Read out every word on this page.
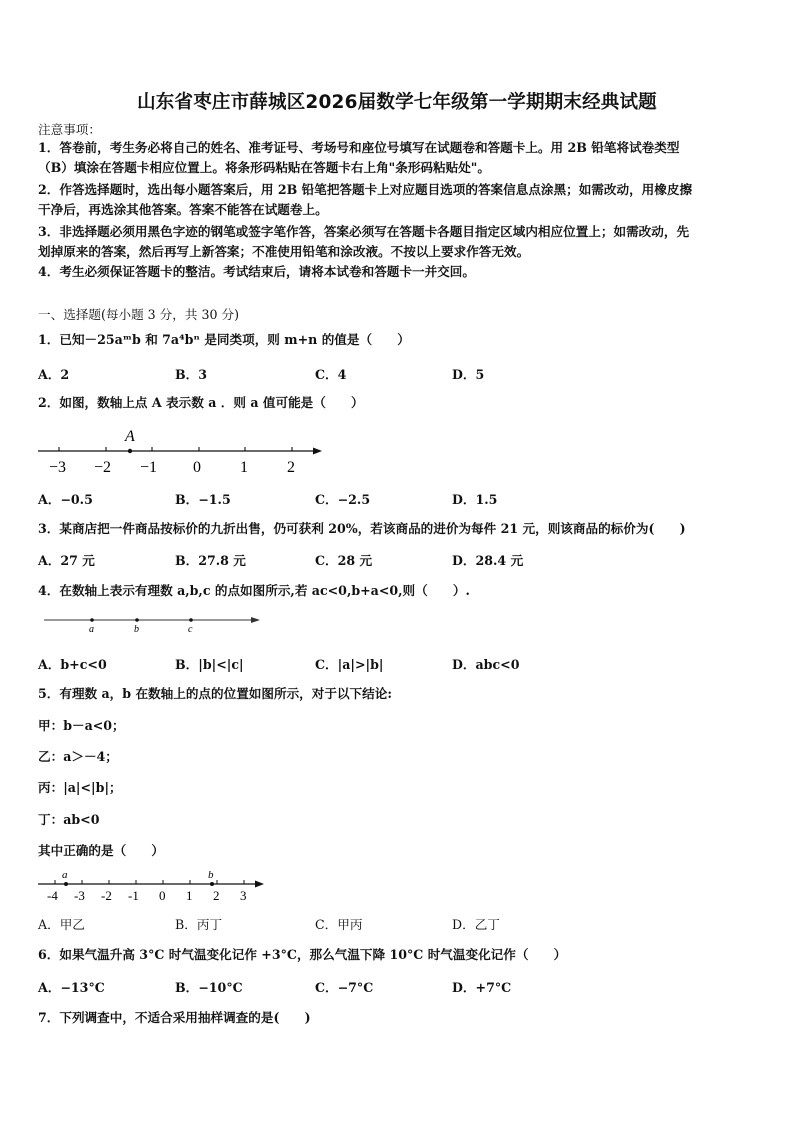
山东省枣庄市薛城区2026届数学七年级第一学期期末经典试题
注意事项：
1．答卷前，考生务必将自己的姓名、准考证号、考场号和座位号填写在试题卷和答题卡上。用 2B 铅笔将试卷类型
（B）填涂在答题卡相应位置上。将条形码粘贴在答题卡右上角"条形码粘贴处"。
2．作答选择题时，选出每小题答案后，用 2B 铅笔把答题卡上对应题目选项的答案信息点涂黑；如需改动，用橡皮擦
干净后，再选涂其他答案。答案不能答在试题卷上。
3．非选择题必须用黑色字迹的钢笔或签字笔作答，答案必须写在答题卡各题目指定区域内相应位置上；如需改动，先
划掉原来的答案，然后再写上新答案；不准使用铅笔和涂改液。不按以上要求作答无效。
4．考生必须保证答题卡的整洁。考试结束后，请将本试卷和答题卡一并交回。
一、选择题(每小题 3 分，共 30 分)
1．已知－25aᵐb 和 7a⁴bⁿ 是同类项，则 m+n 的值是（　　）
A．2	B．3	C．4	D．5
2．如图，数轴上点 A 表示数 a ．则 a 值可能是（　　）
A
−3 −2 −1 0 1 2
A．−0.5	B．−1.5	C．−2.5	D．1.5
3．某商店把一件商品按标价的九折出售，仍可获利 20%，若该商品的进价为每件 21 元，则该商品的标价为(　　)
A．27 元	B．27.8 元	C．28 元	D．28.4 元
4．在数轴上表示有理数 a,b,c 的点如图所示,若 ac<0,b+a<0,则（　　）.
a	b	c
A．b+c<0	B．|b|<|c|	C．|a|>|b|	D．abc<0
5．有理数 a，b 在数轴上的点的位置如图所示，对于以下结论:
甲：b－a<0；
乙：a＞－4；
丙：|a|<|b|；
丁：ab<0
其中正确的是（　　）
a	b
-4 -3 -2 -1 0 1 2 3
A．甲乙	B．丙丁	C．甲丙	D．乙丁
6．如果气温升高 3°C 时气温变化记作 +3°C，那么气温下降 10°C 时气温变化记作（　　）
A．−13°C	B．−10°C	C．−7°C	D．+7°C
7．下列调查中，不适合采用抽样调查的是(　　)
